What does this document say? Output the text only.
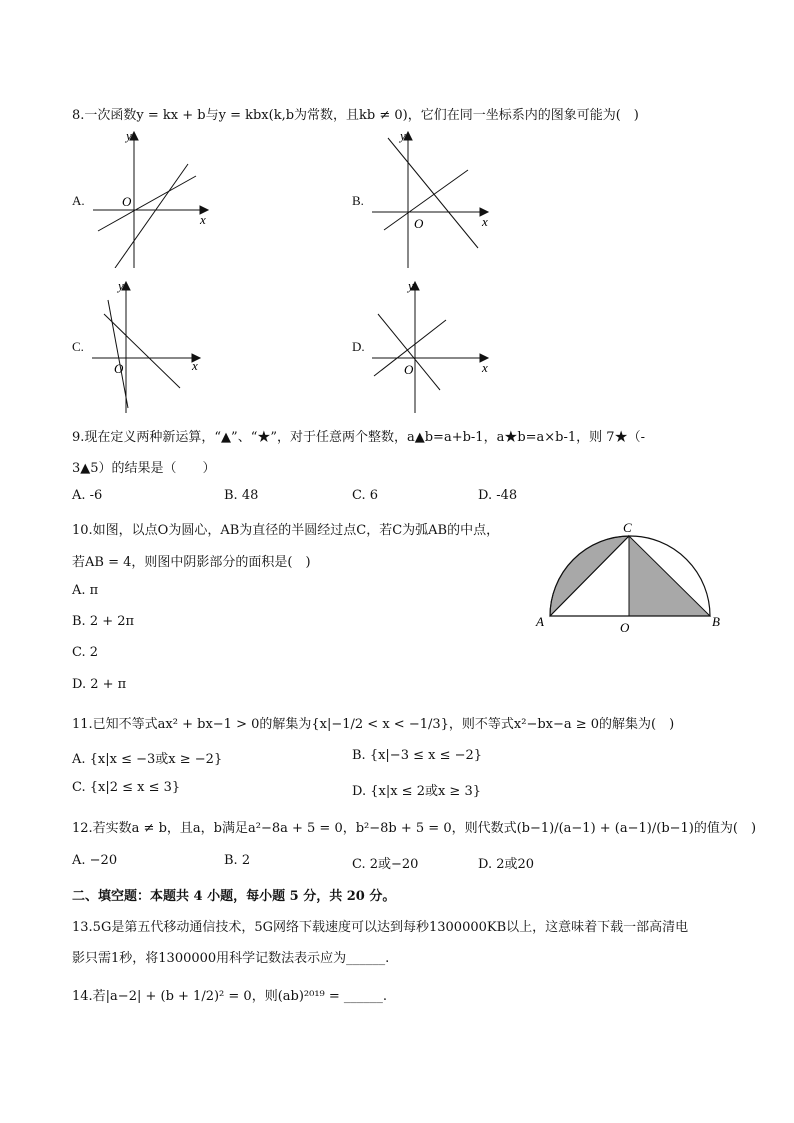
8.一次函数y = kx + b与y = kbx(k,b为常数，且kb ≠ 0)，它们在同一坐标系内的图象可能为(　)
A.
y
x
O	B.
y
x
O
C.
y
x
O
D.
y
x
O
9.现在定义两种新运算，“▲”、“★”，对于任意两个整数，a▲b=a+b-1，a★b=a×b-1，则 7★（-
3▲5）的结果是（　　）
A. -6	B. 48	C. 6	D. -48
10.如图，以点O为圆心，AB为直径的半圆经过点C，若C为弧AB的中点，
若AB = 4，则图中阴影部分的面积是(　)
A. π
B. 2 + 2π
C. 2
D. 2 + π
A	B
C
O
11.已知不等式ax² + bx−1 > 0的解集为{x|−1/2 < x < −1/3}，则不等式x²−bx−a ≥ 0的解集为(　)
A. {x|x ≤ −3或x ≥ −2}	B. {x|−3 ≤ x ≤ −2}
C. {x|2 ≤ x ≤ 3}	D. {x|x ≤ 2或x ≥ 3}
12.若实数a ≠ b，且a，b满足a²−8a + 5 = 0，b²−8b + 5 = 0，则代数式(b−1)/(a−1) + (a−1)/(b−1)的值为(　)
A. −20	B. 2	C. 2或−20	D. 2或20
二、填空题：本题共 4 小题，每小题 5 分，共 20 分。
13.5G是第五代移动通信技术，5G网络下载速度可以达到每秒1300000KB以上，这意味着下载一部高清电
影只需1秒，将1300000用科学记数法表示应为______.
14.若|a−2| + (b + 1/2)² = 0，则(ab)²⁰¹⁹ = ______.
